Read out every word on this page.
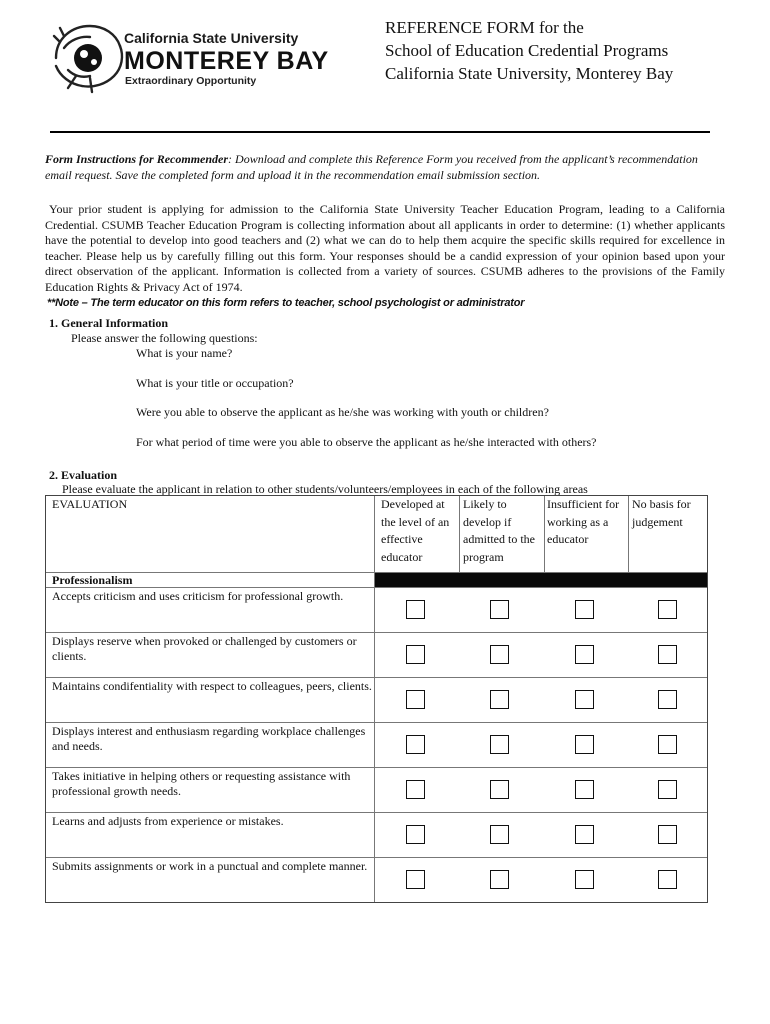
California State University
MONTEREY BAY
Extraordinary Opportunity
REFERENCE FORM for the
School of Education Credential Programs
California State University, Monterey Bay
Form Instructions for Recommender: Download and complete this Reference Form you received from the applicant’s recommendation email request. Save the completed form and upload it in the recommendation email submission section.
Your prior student is applying for admission to the California State University Teacher Education Program, leading to a California Credential. CSUMB Teacher Education Program is collecting information about all applicants in order to determine: (1) whether applicants have the potential to develop into good teachers and (2) what we can do to help them acquire the specific skills required for excellence in teacher. Please help us by carefully filling out this form. Your responses should be a candid expression of your opinion based upon your direct observation of the applicant. Information is collected from a variety of sources. CSUMB adheres to the provisions of the Family Education Rights & Privacy Act of 1974.
**Note – The term educator on this form refers to teacher, school psychologist or administrator
1. General Information
Please answer the following questions:
What is your name?
What is your title or occupation?
Were you able to observe the applicant as he/she was working with youth or children?
For what period of time were you able to observe the applicant as he/she interacted with others?
2. Evaluation
Please evaluate the applicant in relation to other students/volunteers/employees in each of the following areas
EVALUATION	Developed at
the level of an
effective
educator
Likely to
develop if
admitted to the
program
Insufficient for
working as a
educator
No basis for
judgement
Professionalism
Accepts criticism and uses criticism for professional growth.
Displays reserve when provoked or challenged by customers or clients.
Maintains condifentiality with respect to colleagues, peers, clients.
Displays interest and enthusiasm regarding workplace challenges and needs.
Takes initiative in helping others or requesting assistance with professional growth needs.
Learns and adjusts from experience or mistakes.
Submits assignments or work in a punctual and complete manner.
